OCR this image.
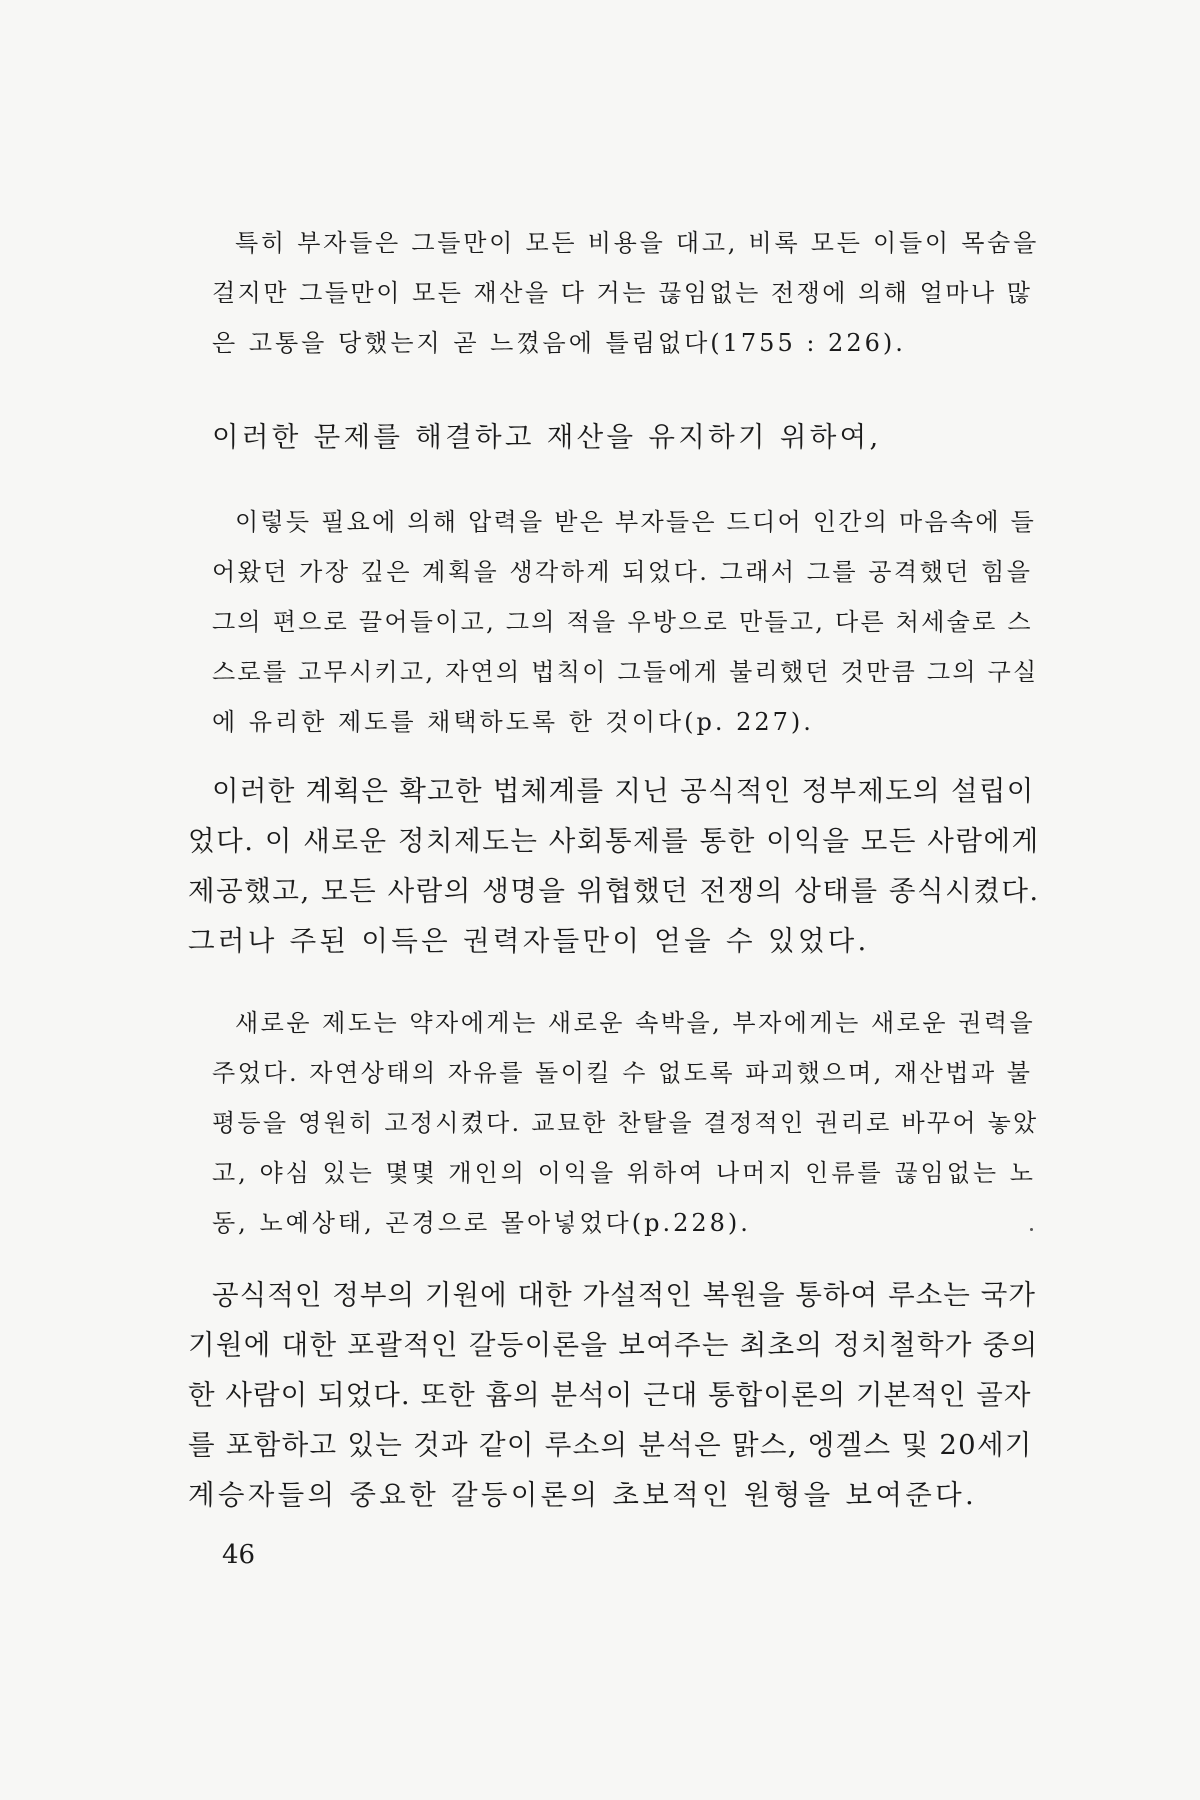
특히 부자들은 그들만이 모든 비용을 대고, 비록 모든 이들이 목숨을
걸지만 그들만이 모든 재산을 다 거는 끊임없는 전쟁에 의해 얼마나 많
은 고통을 당했는지 곧 느꼈음에 틀림없다(1755 : 226).
이러한 문제를 해결하고 재산을 유지하기 위하여,
이렇듯 필요에 의해 압력을 받은 부자들은 드디어 인간의 마음속에 들
어왔던 가장 깊은 계획을 생각하게 되었다. 그래서 그를 공격했던 힘을
그의 편으로 끌어들이고, 그의 적을 우방으로 만들고, 다른 처세술로 스
스로를 고무시키고, 자연의 법칙이 그들에게 불리했던 것만큼 그의 구실
에 유리한 제도를 채택하도록 한 것이다(p. 227).
이러한 계획은 확고한 법체계를 지닌 공식적인 정부제도의 설립이
었다. 이 새로운 정치제도는 사회통제를 통한 이익을 모든 사람에게
제공했고, 모든 사람의 생명을 위협했던 전쟁의 상태를 종식시켰다.
그러나 주된 이득은 권력자들만이 얻을 수 있었다.
새로운 제도는 약자에게는 새로운 속박을, 부자에게는 새로운 권력을
주었다. 자연상태의 자유를 돌이킬 수 없도록 파괴했으며, 재산법과 불
평등을 영원히 고정시켰다. 교묘한 찬탈을 결정적인 권리로 바꾸어 놓았
고, 야심 있는 몇몇 개인의 이익을 위하여 나머지 인류를 끊임없는 노
동, 노예상태, 곤경으로 몰아넣었다(p.228).
공식적인 정부의 기원에 대한 가설적인 복원을 통하여 루소는 국가
기원에 대한 포괄적인 갈등이론을 보여주는 최초의 정치철학가 중의
한 사람이 되었다. 또한 흄의 분석이 근대 통합이론의 기본적인 골자
를 포함하고 있는 것과 같이 루소의 분석은 맑스, 엥겔스 및 20세기
계승자들의 중요한 갈등이론의 초보적인 원형을 보여준다.
46
